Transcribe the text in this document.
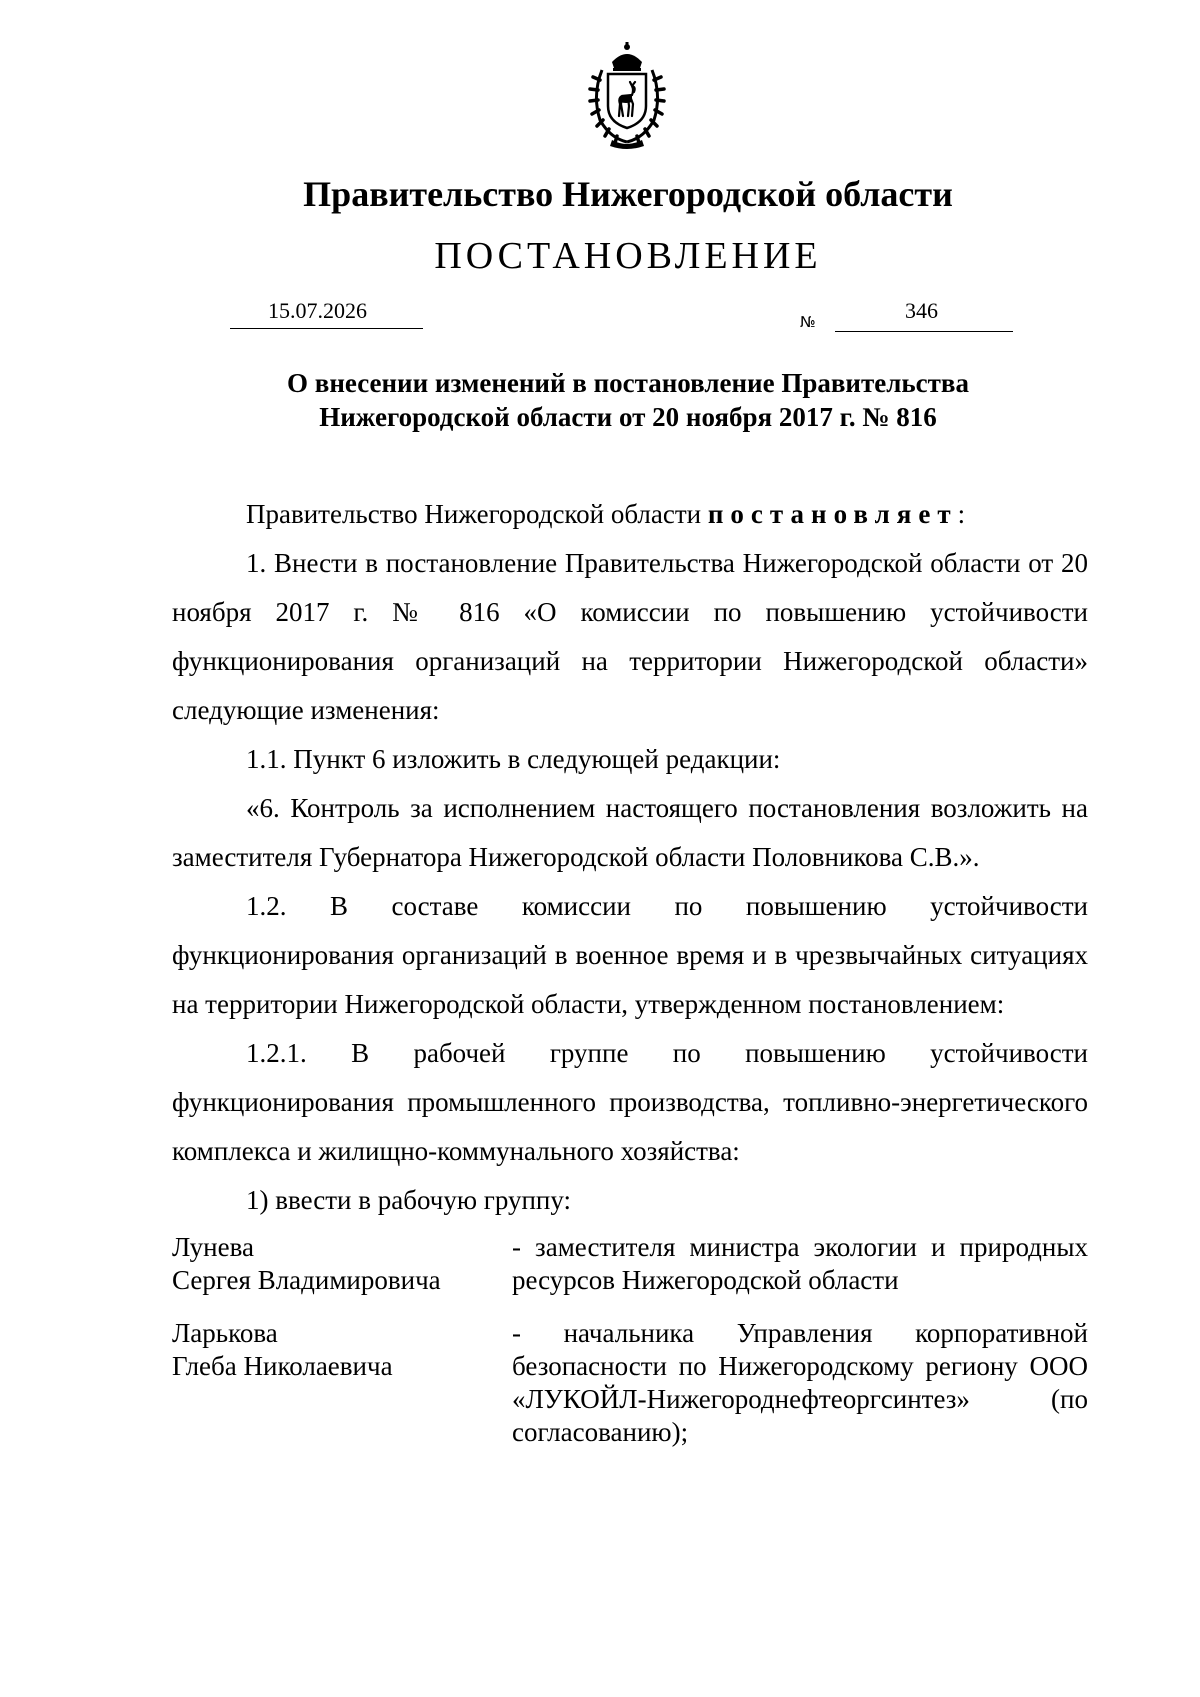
Правительство Нижегородской области
ПОСТАНОВЛЕНИЕ
15.07.2026	№	346
О внесении изменений в постановление Правительства
Нижегородской области от 20 ноября 2017 г. № 816

Правительство Нижегородской области постановляет:

1. Внести в постановление Правительства Нижегородской области от 20 ноября 2017 г. № 816 «О комиссии по повышению устойчивости функционирования организаций на территории Нижегородской области» следующие изменения:

1.1. Пункт 6 изложить в следующей редакции:

«6. Контроль за исполнением настоящего постановления возложить на заместителя Губернатора Нижегородской области Половникова С.В.».

1.2. В составе комиссии по повышению устойчивости функционирования организаций в военное время и в чрезвычайных ситуациях на территории Нижегородской области, утвержденном постановлением:

1.2.1. В рабочей группе по повышению устойчивости функционирования промышленного производства, топливно-энергетического комплекса и жилищно-коммунального хозяйства:

1) ввести в рабочую группу:

Лунева
Сергея Владимировича
- заместителя министра экологии и природных ресурсов Нижегородской области
Ларькова
Глеба Николаевича
- начальника Управления корпоративной безопасности по Нижегородскому региону ООО «ЛУКОЙЛ-Нижегороднефтеоргсинтез» (по согласованию);
